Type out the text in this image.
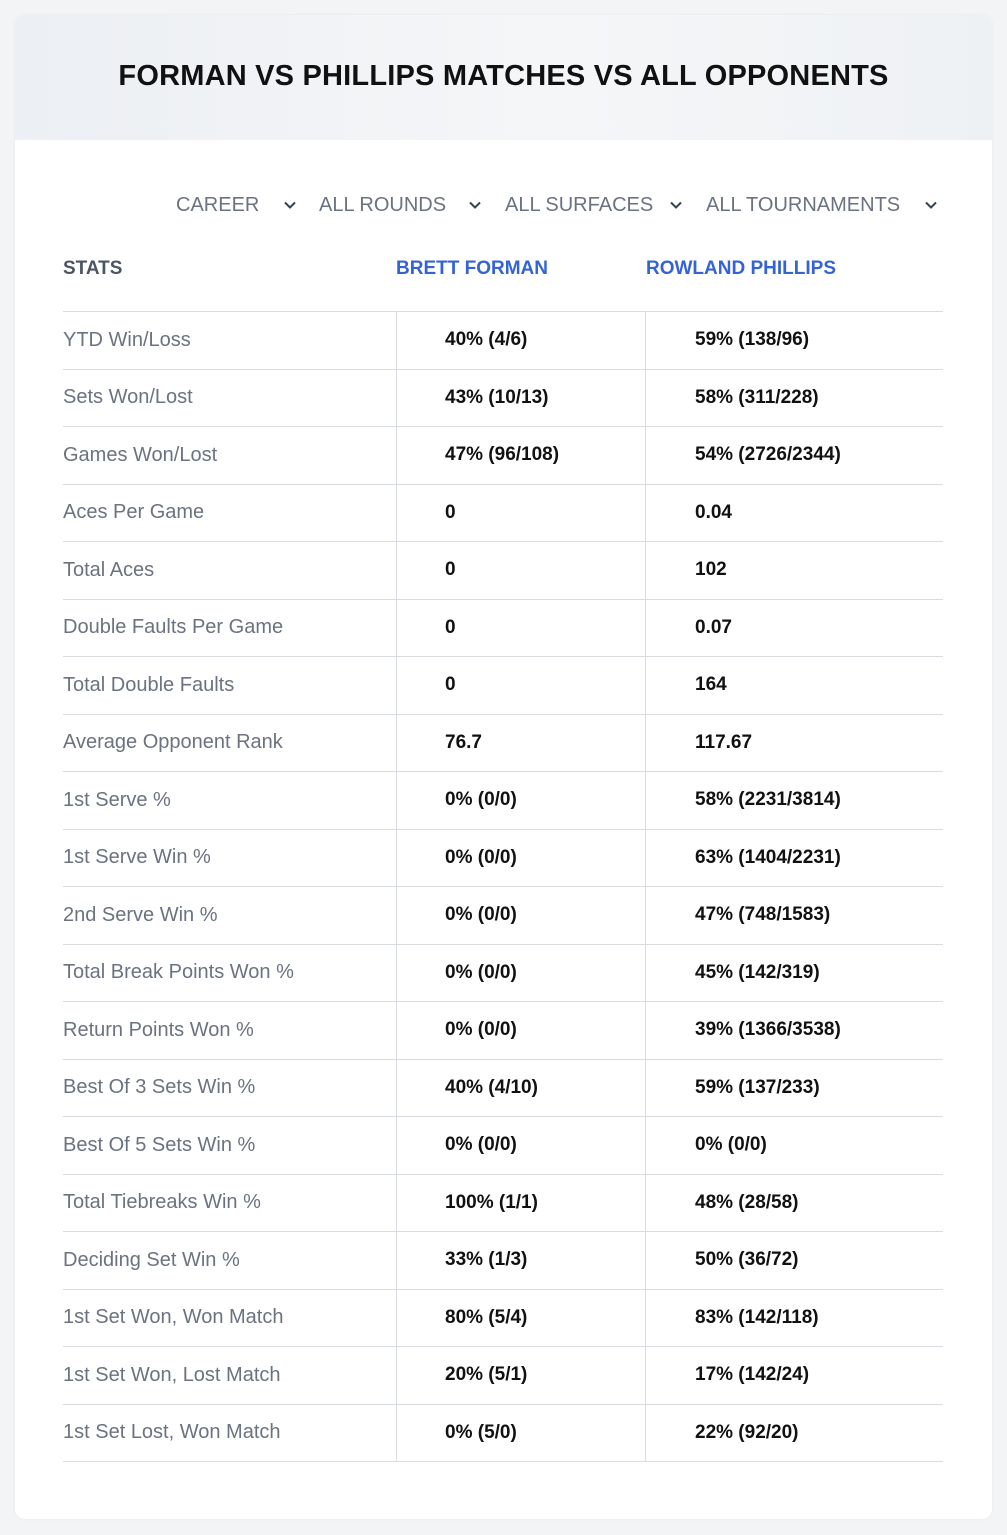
FORMAN VS PHILLIPS MATCHES VS ALL OPPONENTS
CAREER	ALL ROUNDS	ALL SURFACES	ALL TOURNAMENTS
STATS	BRETT FORMAN	ROWLAND PHILLIPS
YTD Win/Loss	40% (4/6)	59% (138/96)
Sets Won/Lost	43% (10/13)	58% (311/228)
Games Won/Lost	47% (96/108)	54% (2726/2344)
Aces Per Game	0	0.04
Total Aces	0	102
Double Faults Per Game	0	0.07
Total Double Faults	0	164
Average Opponent Rank	76.7	117.67
1st Serve %	0% (0/0)	58% (2231/3814)
1st Serve Win %	0% (0/0)	63% (1404/2231)
2nd Serve Win %	0% (0/0)	47% (748/1583)
Total Break Points Won %	0% (0/0)	45% (142/319)
Return Points Won %	0% (0/0)	39% (1366/3538)
Best Of 3 Sets Win %	40% (4/10)	59% (137/233)
Best Of 5 Sets Win %	0% (0/0)	0% (0/0)
Total Tiebreaks Win %	100% (1/1)	48% (28/58)
Deciding Set Win %	33% (1/3)	50% (36/72)
1st Set Won, Won Match	80% (5/4)	83% (142/118)
1st Set Won, Lost Match	20% (5/1)	17% (142/24)
1st Set Lost, Won Match	0% (5/0)	22% (92/20)
